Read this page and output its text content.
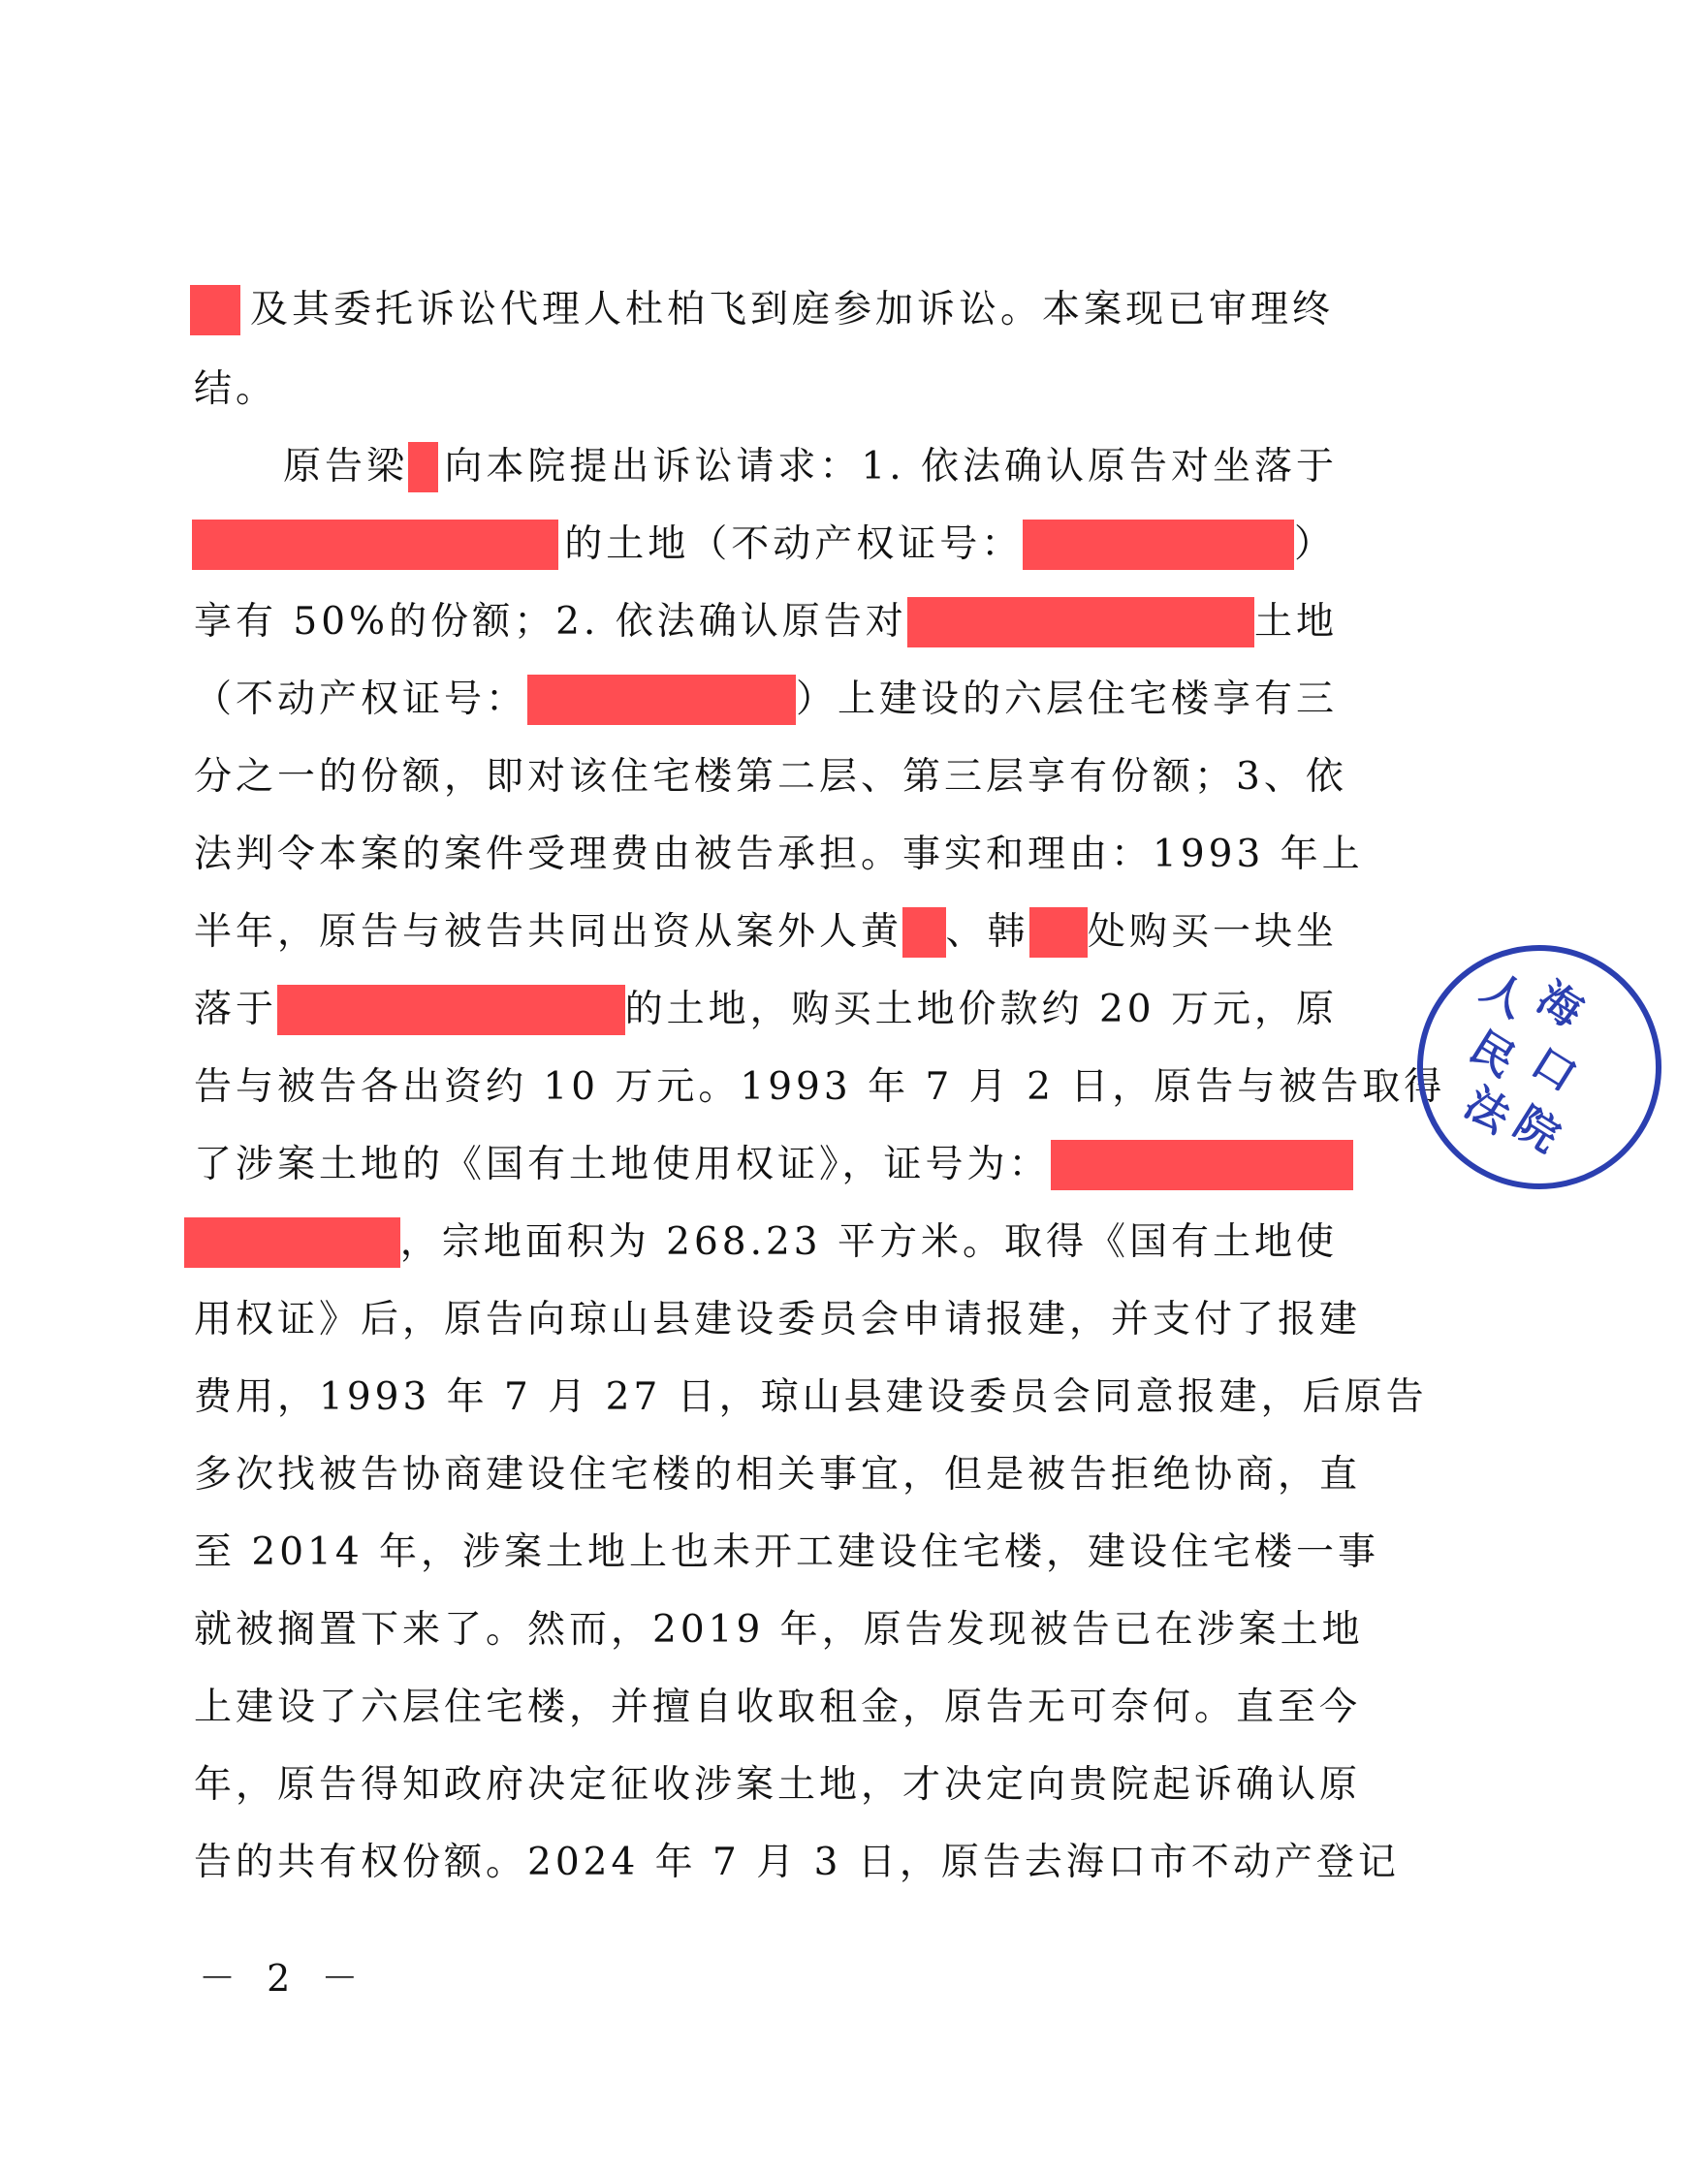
及其委托诉讼代理人杜柏飞到庭参加诉讼。本案现已审理终
结。
原告梁 向本院提出诉讼请求：1. 依法确认原告对坐落于
的土地（不动产权证号：	）
享有 50%的份额；2. 依法确认原告对	土地
（不动产权证号：	）上建设的六层住宅楼享有三
分之一的份额，即对该住宅楼第二层、第三层享有份额；3、依
法判令本案的案件受理费由被告承担。事实和理由：1993 年上
半年，原告与被告共同出资从案外人黄 、韩 处购买一块坐
落于	的土地，购买土地价款约 20 万元，原
告与被告各出资约 10 万元。1993 年 7 月 2 日，原告与被告取得
了涉案土地的《国有土地使用权证》，证号为：
，宗地面积为 268.23 平方米。取得《国有土地使
用权证》后，原告向琼山县建设委员会申请报建，并支付了报建
费用，1993 年 7 月 27 日，琼山县建设委员会同意报建，后原告
多次找被告协商建设住宅楼的相关事宜，但是被告拒绝协商，直
至 2014 年，涉案土地上也未开工建设住宅楼，建设住宅楼一事
就被搁置下来了。然而，2019 年，原告发现被告已在涉案土地
上建设了六层住宅楼，并擅自收取租金，原告无可奈何。直至今
年，原告得知政府决定征收涉案土地，才决定向贵院起诉确认原
告的共有权份额。2024 年 7 月 3 日，原告去海口市不动产登记
－ 2 －
人
海
民
口
法
院
